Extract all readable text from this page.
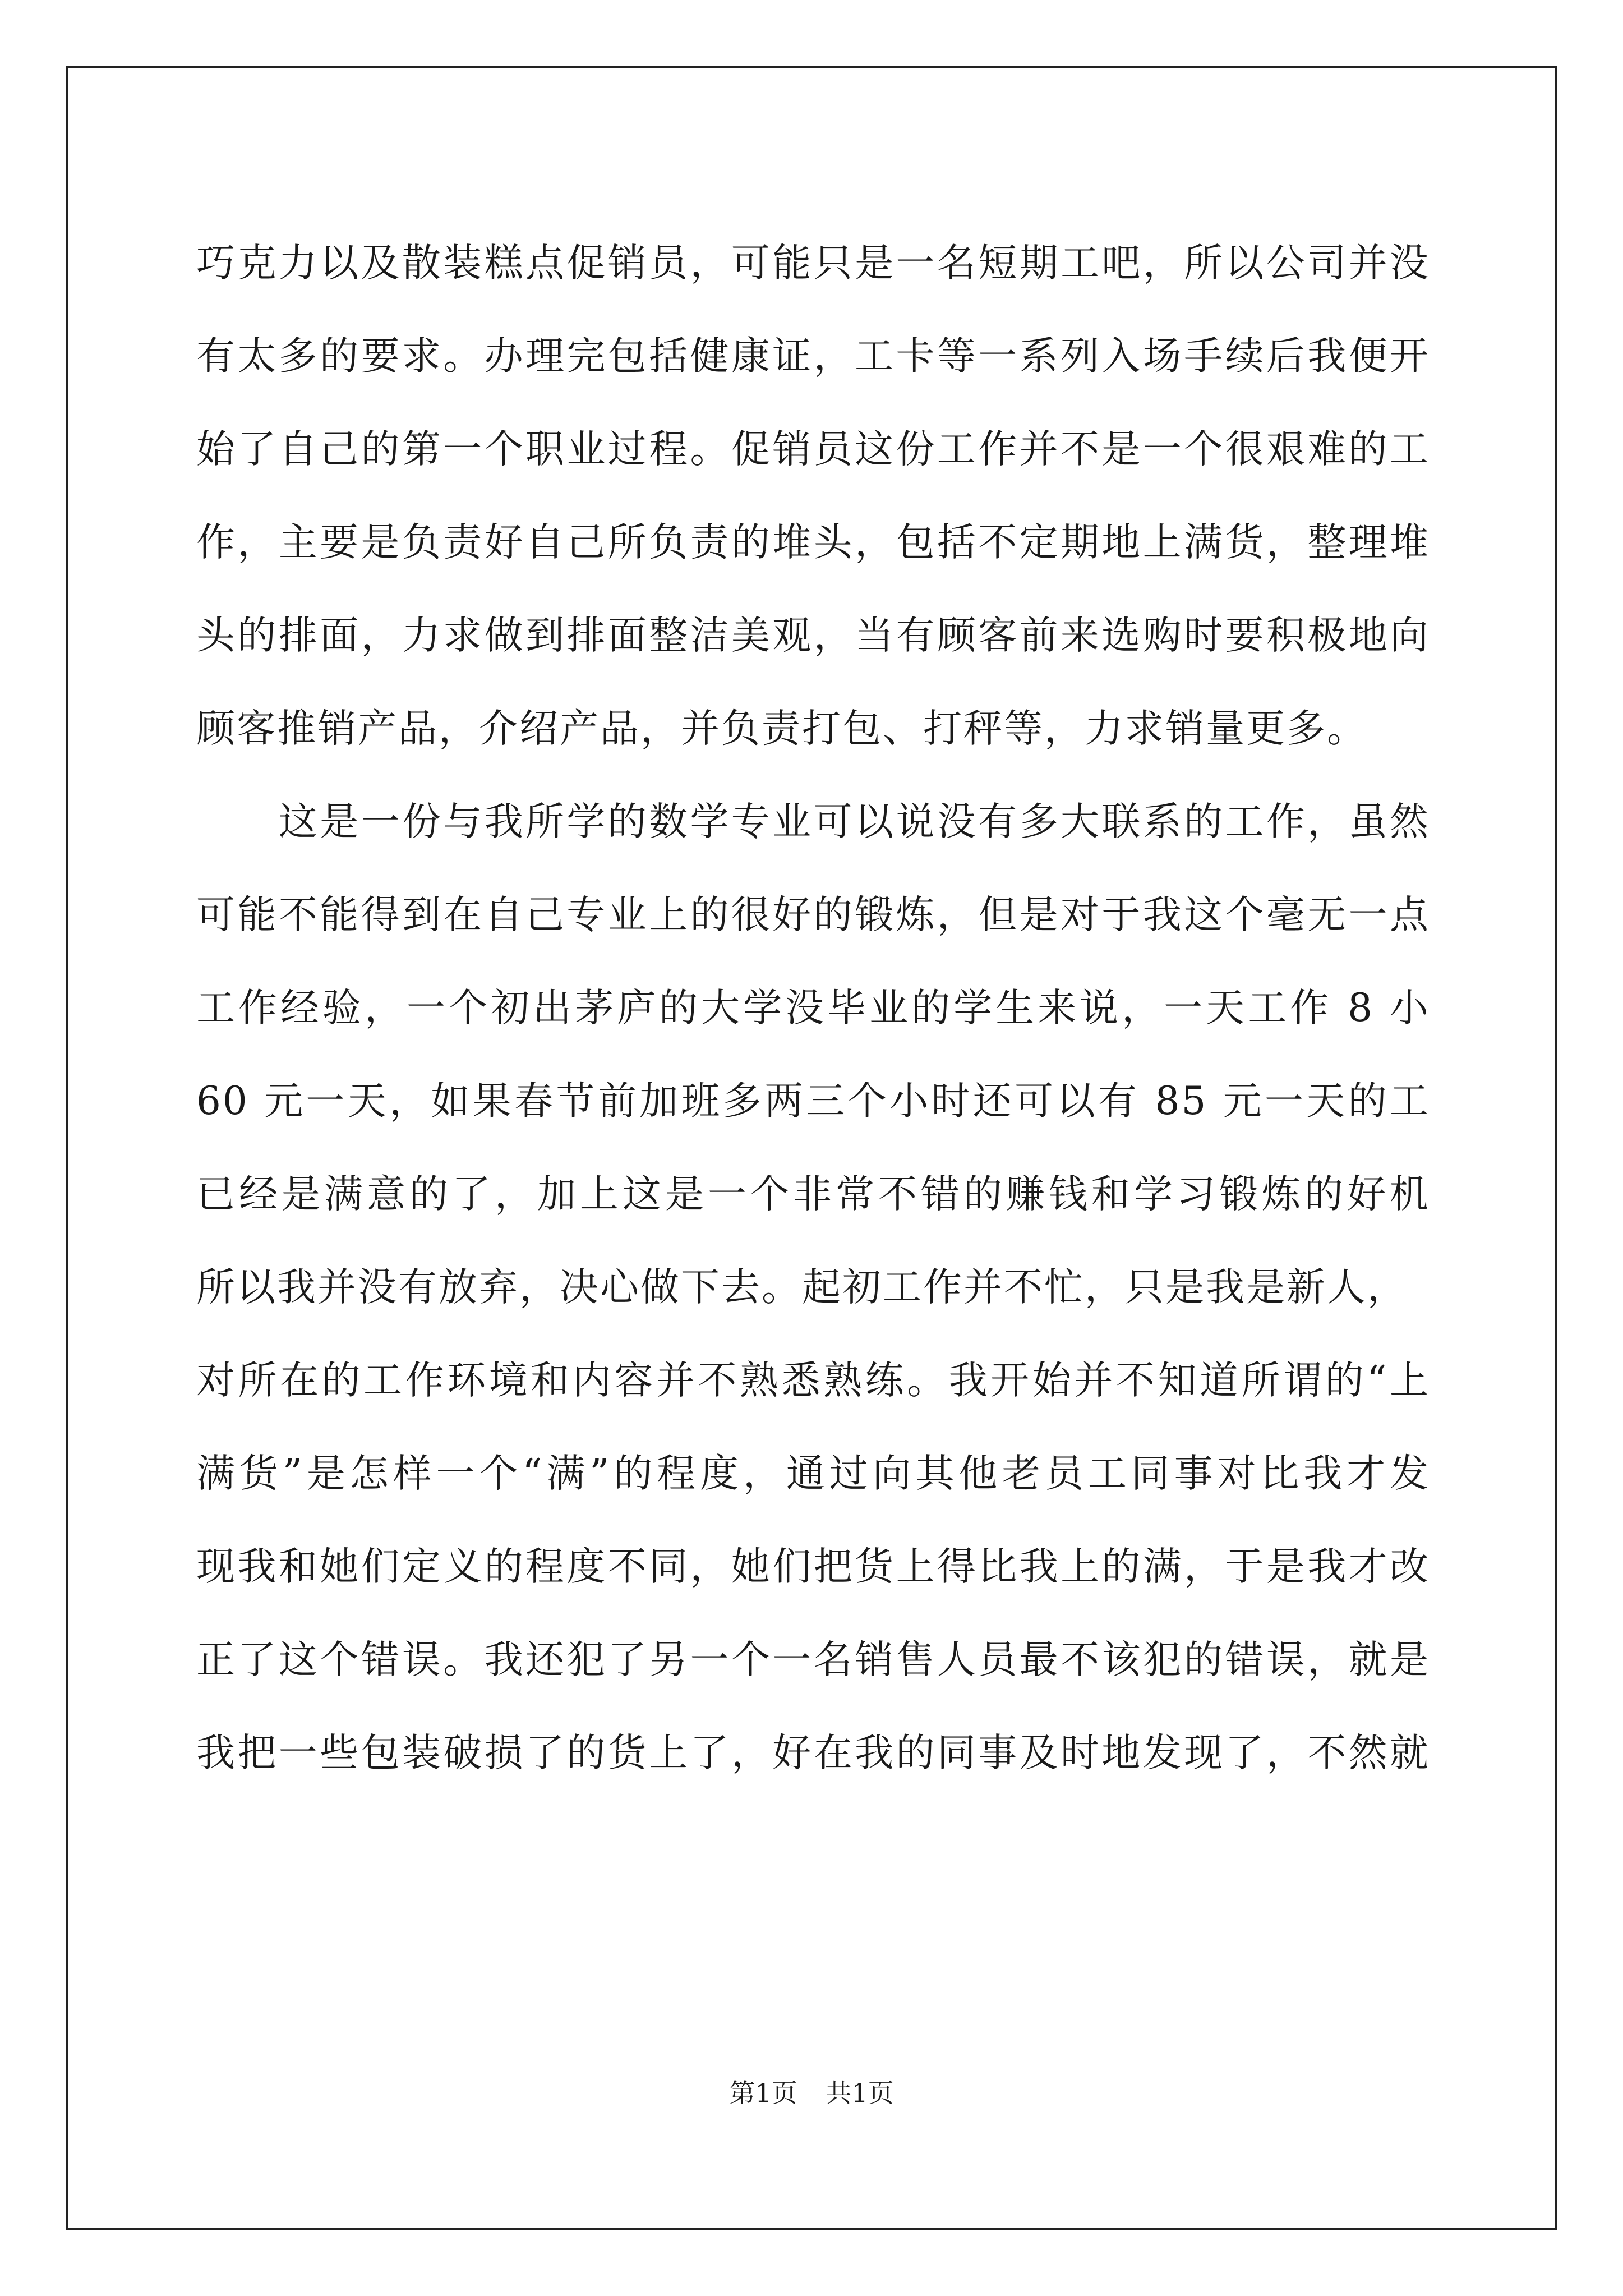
巧克力以及散装糕点促销员，可能只是一名短期工吧，所以公司并没
有太多的要求。办理完包括健康证，工卡等一系列入场手续后我便开
始了自己的第一个职业过程。促销员这份工作并不是一个很艰难的工
作，主要是负责好自己所负责的堆头，包括不定期地上满货，整理堆
头的排面，力求做到排面整洁美观，当有顾客前来选购时要积极地向
顾客推销产品，介绍产品，并负责打包、打秤等，力求销量更多。
　　这是一份与我所学的数学专业可以说没有多大联系的工作，虽然
可能不能得到在自己专业上的很好的锻炼，但是对于我这个毫无一点
工作经验，一个初出茅庐的大学没毕业的学生来说，一天工作 8 小
60 元一天，如果春节前加班多两三个小时还可以有 85 元一天的工
已经是满意的了，加上这是一个非常不错的赚钱和学习锻炼的好机
所以我并没有放弃，决心做下去。起初工作并不忙，只是我是新人，
对所在的工作环境和内容并不熟悉熟练。我开始并不知道所谓的“上
满货”是怎样一个“满”的程度，通过向其他老员工同事对比我才发
现我和她们定义的程度不同，她们把货上得比我上的满，于是我才改
正了这个错误。我还犯了另一个一名销售人员最不该犯的错误，就是
我把一些包装破损了的货上了，好在我的同事及时地发现了，不然就
第1页 共1页
